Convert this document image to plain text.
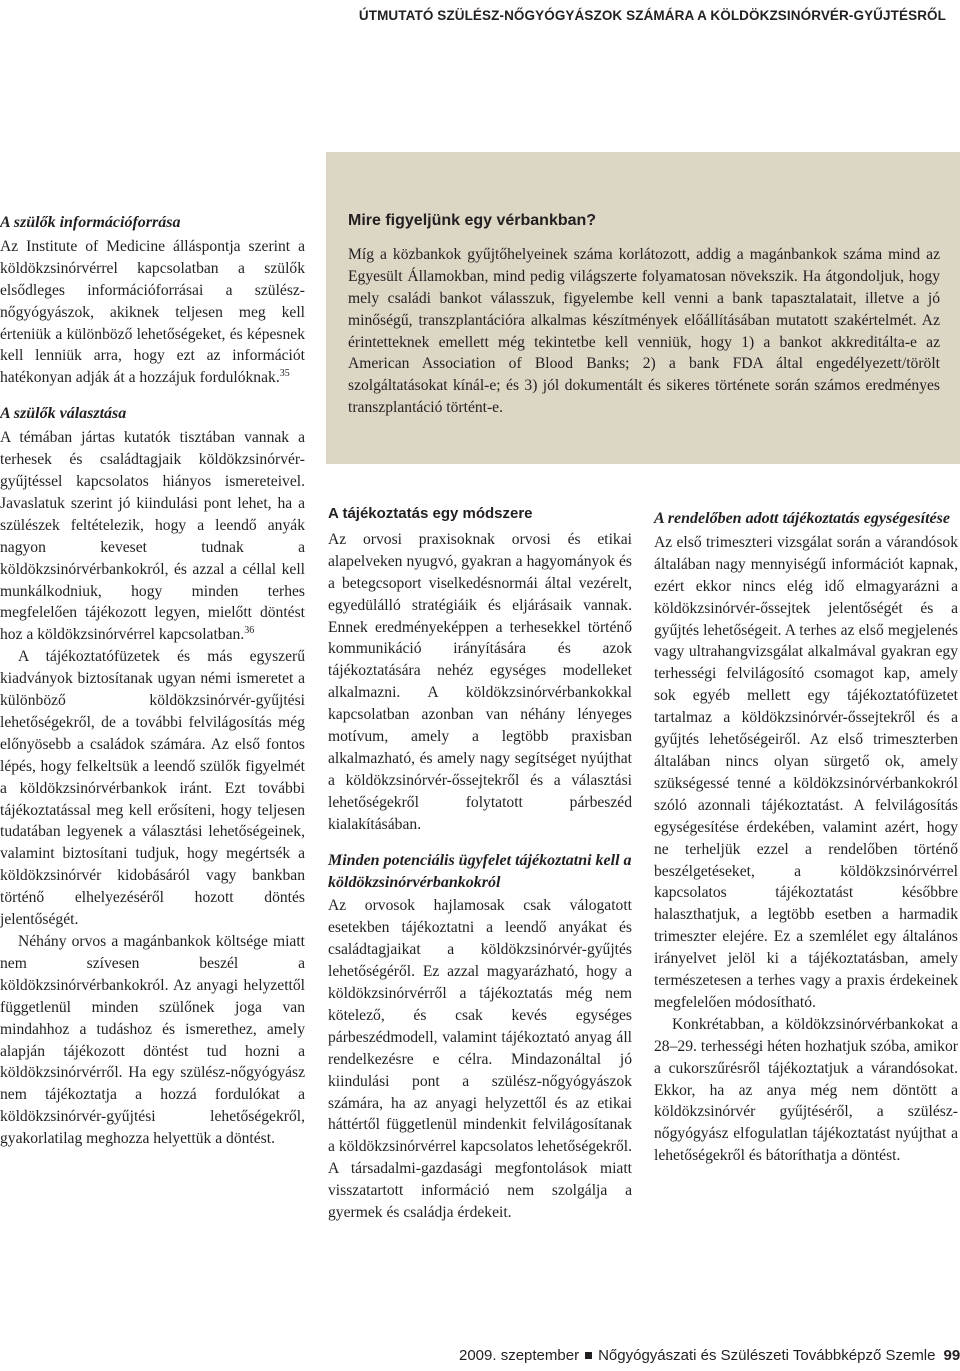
ÚTMUTATÓ SZÜLÉSZ-NŐGYÓGYÁSZOK SZÁMÁRA A KÖLDÖKZSINÓRVÉR-GYŰJTÉSRŐL
A szülők információforrása

Az Institute of Medicine álláspontja szerint a köldökzsinórvérrel kapcsolatban a szülők elsődleges információforrásai a szülész-nőgyógyászok, akiknek teljesen meg kell érteniük a különböző lehetőségeket, és képesnek kell lenniük arra, hogy ezt az információt hatékonyan adják át a hozzájuk fordulóknak.$^{35}$

A szülők választása

A témában jártas kutatók tisztában vannak a terhesek és családtagjaik köldökzsinórvér-gyűjtéssel kapcsolatos hiányos ismereteivel. Javaslatuk szerint jó kiindulási pont lehet, ha a szülészek feltételezik, hogy a leendő anyák nagyon keveset tudnak a köldökzsinórvérbankokról, és azzal a céllal kell munkálkodniuk, hogy minden terhes megfelelően tájékozott legyen, mielőtt döntést hoz a köldökzsinórvérrel kapcsolatban.$^{36}$

A tájékoztatófüzetek és más egyszerű kiadványok biztosítanak ugyan némi ismeretet a különböző köldökzsinórvér-gyűjtési lehetőségekről, de a további felvilágosítás még előnyösebb a családok számára. Az első fontos lépés, hogy felkeltsük a leendő szülők figyelmét a köldökzsinórvérbankok iránt. Ezt további tájékoztatással meg kell erősíteni, hogy teljesen tudatában legyenek a választási lehetőségeinek, valamint biztosítani tudjuk, hogy megértsék a köldökzsinórvér kidobásáról vagy bankban történő elhelyezéséről hozott döntés jelentőségét.

Néhány orvos a magánbankok költsége miatt nem szívesen beszél a köldökzsinórvérbankokról. Az anyagi helyzettől függetlenül minden szülőnek joga van mindahhoz a tudáshoz és ismerethez, amely alapján tájékozott döntést tud hozni a köldökzsinórvérről. Ha egy szülész-nőgyógyász nem tájékoztatja a hozzá fordulókat a köldökzsinórvér-gyűjtési lehetőségekről, gyakorlatilag meghozza helyettük a döntést.

Mire figyeljünk egy vérbankban?

Míg a közbankok gyűjtőhelyeinek száma korlátozott, addig a magánbankok száma mind az Egyesült Államokban, mind pedig világszerte folyamatosan növekszik. Ha átgondoljuk, hogy mely családi bankot válasszuk, figyelembe kell venni a bank tapasztalatait, illetve a jó minőségű, transzplantációra alkalmas készítmények előállításában mutatott szakértelmét. Az érintetteknek emellett még tekintetbe kell venniük, hogy 1) a bankot akkreditálta-e az American Association of Blood Banks; 2) a bank FDA által engedélyezett/törölt szolgáltatásokat kínál-e; és 3) jól dokumentált és sikeres története során számos eredményes transzplantáció történt-e.

A tájékoztatás egy módszere

Az orvosi praxisoknak orvosi és etikai alapelveken nyugvó, gyakran a hagyományok és a betegcsoport viselkedésnormái által vezérelt, egyedülálló stratégiáik és eljárásaik vannak. Ennek eredményeképpen a terhesekkel történő kommunikáció irányítására és azok tájékoztatására nehéz egységes modelleket alkalmazni. A köldökzsinórvérbankokkal kapcsolatban azonban van néhány lényeges motívum, amely a legtöbb praxisban alkalmazható, és amely nagy segítséget nyújthat a köldökzsinórvér-őssejtekről és a választási lehetőségekről folytatott párbeszéd kialakításában.

Minden potenciális ügyfelet tájékoztatni kell a köldökzsinórvérbankokról

Az orvosok hajlamosak csak válogatott esetekben tájékoztatni a leendő anyákat és családtagjaikat a köldökzsinórvér-gyűjtés lehetőségéről. Ez azzal magyarázható, hogy a köldökzsinórvérről a tájékoztatás még nem kötelező, és csak kevés egységes párbeszédmodell, valamint tájékoztató anyag áll rendelkezésre e célra. Mindazonáltal jó kiindulási pont a szülész-nőgyógyászok számára, ha az anyagi helyzettől és az etikai háttértől függetlenül mindenkit felvilágosítanak a köldökzsinórvérrel kapcsolatos lehetőségekről. A társadalmi-gazdasági megfontolások miatt visszatartott információ nem szolgálja a gyermek és családja érdekeit.

A rendelőben adott tájékoztatás egységesítése

Az első trimeszteri vizsgálat során a várandósok általában nagy mennyiségű információt kapnak, ezért ekkor nincs elég idő elmagyarázni a köldökzsinórvér-őssejtek jelentőségét és a gyűjtés lehetőségeit. A terhes az első megjelenés vagy ultrahangvizsgálat alkalmával gyakran egy terhességi felvilágosító csomagot kap, amely sok egyéb mellett egy tájékoztatófüzetet tartalmaz a köldökzsinórvér-őssejtekről és a gyűjtés lehetőségeiről. Az első trimeszterben általában nincs olyan sürgető ok, amely szükségessé tenné a köldökzsinórvérbankokról szóló azonnali tájékoztatást. A felvilágosítás egységesítése érdekében, valamint azért, hogy ne terheljük ezzel a rendelőben történő beszélgetéseket, a köldökzsinórvérrel kapcsolatos tájékoztatást későbbre halaszthatjuk, a legtöbb esetben a harmadik trimeszter elejére. Ez a szemlélet egy általános irányelvet jelöl ki a tájékoztatásban, amely természetesen a terhes vagy a praxis érdekeinek megfelelően módosítható.

Konkrétabban, a köldökzsinórvérbankokat a 28–29. terhességi héten hozhatjuk szóba, amikor a cukorszűrésről tájékoztatjuk a várandósokat. Ekkor, ha az anya még nem döntött a köldökzsinórvér gyűjtéséről, a szülész-nőgyógyász elfogulatlan tájékoztatást nyújthat a lehetőségekről és bátoríthatja a döntést.

2009. szeptember Nőgyógyászati és Szülészeti Továbbképző Szemle 99
